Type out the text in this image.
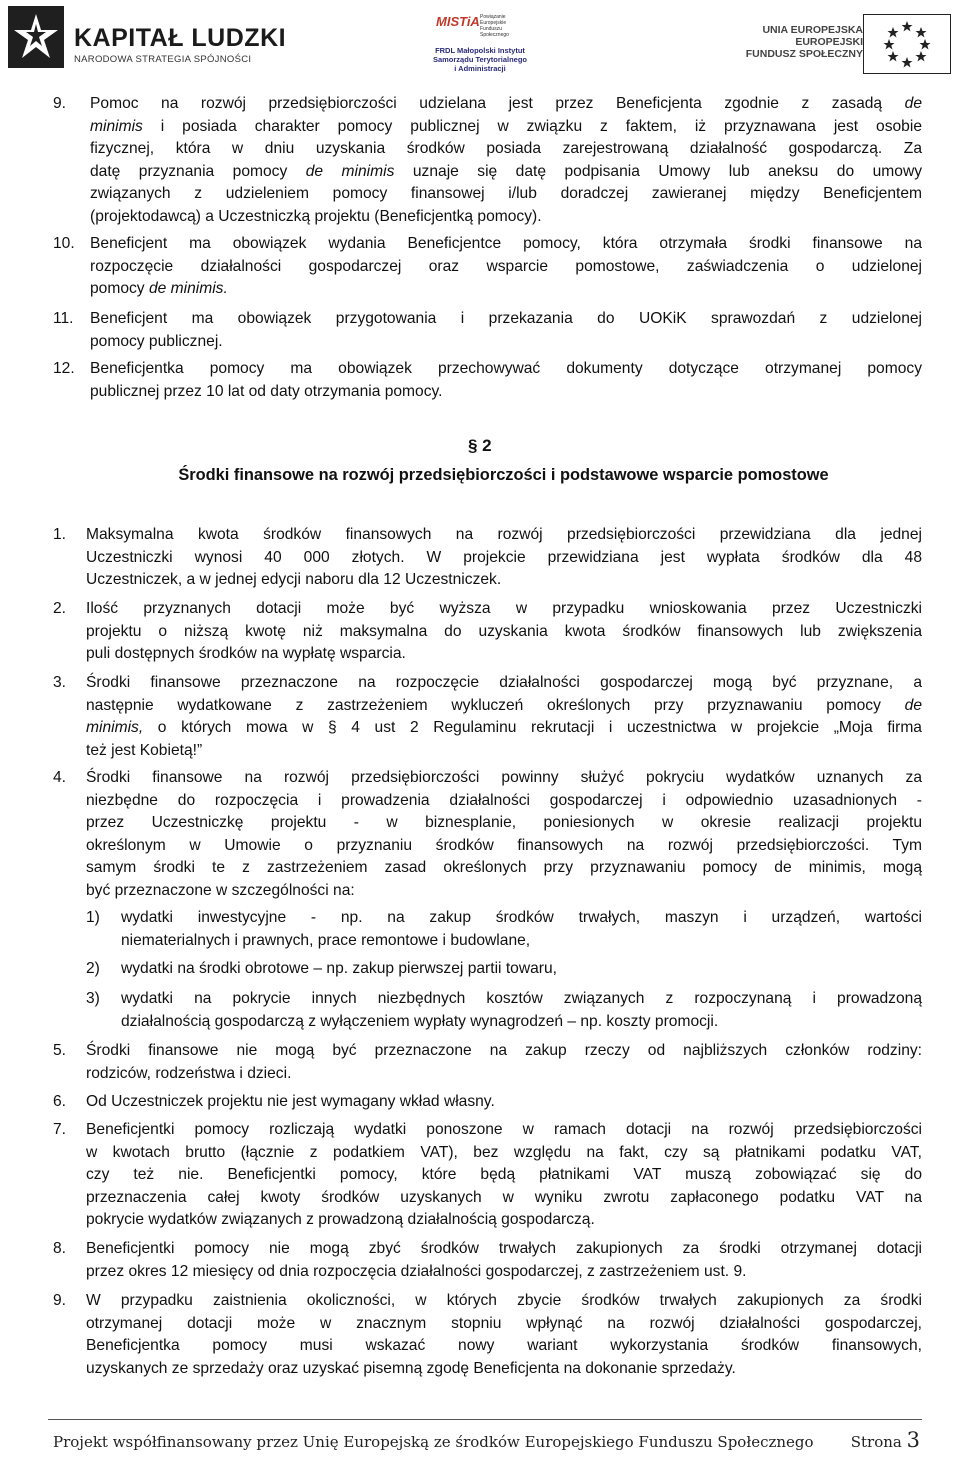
KAPITAŁ LUDZKI
NARODOWA STRATEGIA SPÓJNOŚCI
MISTiA Powiązanie Europejskie Funduszu Społecznego
FRDL Małopolski Instytut
Samorządu Terytorialnego
i Administracji
UNIA EUROPEJSKA
EUROPEJSKI
FUNDUSZ SPOŁECZNY
9. Pomoc na rozwój przedsiębiorczości udzielana jest przez Beneficjenta zgodnie z zasadą de

minimis i posiada charakter pomocy publicznej w związku z faktem, iż przyznawana jest osobie

fizycznej, która w dniu uzyskania środków posiada zarejestrowaną działalność gospodarczą. Za

datę przyznania pomocy de minimis uznaje się datę podpisania Umowy lub aneksu do umowy

związanych z udzieleniem pomocy finansowej i/lub doradczej zawieranej między Beneficjentem

(projektodawcą) a Uczestniczką projektu (Beneficjentką pomocy).

10. Beneficjent ma obowiązek wydania Beneficjentce pomocy, która otrzymała środki finansowe na

rozpoczęcie działalności gospodarczej oraz wsparcie pomostowe, zaświadczenia o udzielonej

pomocy de minimis.

11. Beneficjent ma obowiązek przygotowania i przekazania do UOKiK sprawozdań z udzielonej

pomocy publicznej.

12. Beneficjentka pomocy ma obowiązek przechowywać dokumenty dotyczące otrzymanej pomocy

publicznej przez 10 lat od daty otrzymania pomocy.

§ 2
Środki finansowe na rozwój przedsiębiorczości i podstawowe wsparcie pomostowe
1. Maksymalna kwota środków finansowych na rozwój przedsiębiorczości przewidziana dla jednej

Uczestniczki wynosi 40 000 złotych. W projekcie przewidziana jest wypłata środków dla 48

Uczestniczek, a w jednej edycji naboru dla 12 Uczestniczek.

2. Ilość przyznanych dotacji może być wyższa w przypadku wnioskowania przez Uczestniczki

projektu o niższą kwotę niż maksymalna do uzyskania kwota środków finansowych lub zwiększenia

puli dostępnych środków na wypłatę wsparcia.

3. Środki finansowe przeznaczone na rozpoczęcie działalności gospodarczej mogą być przyznane, a

następnie wydatkowane z zastrzeżeniem wykluczeń określonych przy przyznawaniu pomocy de

minimis, o których mowa w § 4 ust 2 Regulaminu rekrutacji i uczestnictwa w projekcie „Moja firma

też jest Kobietą!”

4. Środki finansowe na rozwój przedsiębiorczości powinny służyć pokryciu wydatków uznanych za

niezbędne do rozpoczęcia i prowadzenia działalności gospodarczej i odpowiednio uzasadnionych -

przez Uczestniczkę projektu - w biznesplanie, poniesionych w okresie realizacji projektu

określonym w Umowie o przyznaniu środków finansowych na rozwój przedsiębiorczości. Tym

samym środki te z zastrzeżeniem zasad określonych przy przyznawaniu pomocy de minimis, mogą

być przeznaczone w szczególności na:

1) wydatki inwestycyjne - np. na zakup środków trwałych, maszyn i urządzeń, wartości

niematerialnych i prawnych, prace remontowe i budowlane,

2) wydatki na środki obrotowe – np. zakup pierwszej partii towaru,

3) wydatki na pokrycie innych niezbędnych kosztów związanych z rozpoczynaną i prowadzoną

działalnością gospodarczą z wyłączeniem wypłaty wynagrodzeń – np. koszty promocji.

5. Środki finansowe nie mogą być przeznaczone na zakup rzeczy od najbliższych członków rodziny:

rodziców, rodzeństwa i dzieci.

6. Od Uczestniczek projektu nie jest wymagany wkład własny.

7. Beneficjentki pomocy rozliczają wydatki ponoszone w ramach dotacji na rozwój przedsiębiorczości

w kwotach brutto (łącznie z podatkiem VAT), bez względu na fakt, czy są płatnikami podatku VAT,

czy też nie. Beneficjentki pomocy, które będą płatnikami VAT muszą zobowiązać się do

przeznaczenia całej kwoty środków uzyskanych w wyniku zwrotu zapłaconego podatku VAT na

pokrycie wydatków związanych z prowadzoną działalnością gospodarczą.

8. Beneficjentki pomocy nie mogą zbyć środków trwałych zakupionych za środki otrzymanej dotacji

przez okres 12 miesięcy od dnia rozpoczęcia działalności gospodarczej, z zastrzeżeniem ust. 9.

9. W przypadku zaistnienia okoliczności, w których zbycie środków trwałych zakupionych za środki

otrzymanej dotacji może w znacznym stopniu wpłynąć na rozwój działalności gospodarczej,

Beneficjentka pomocy musi wskazać nowy wariant wykorzystania środków finansowych,

uzyskanych ze sprzedaży oraz uzyskać pisemną zgodę Beneficjenta na dokonanie sprzedaży.

Projekt współfinansowany przez Unię Europejską ze środków Europejskiego Funduszu Społecznego Strona 3
